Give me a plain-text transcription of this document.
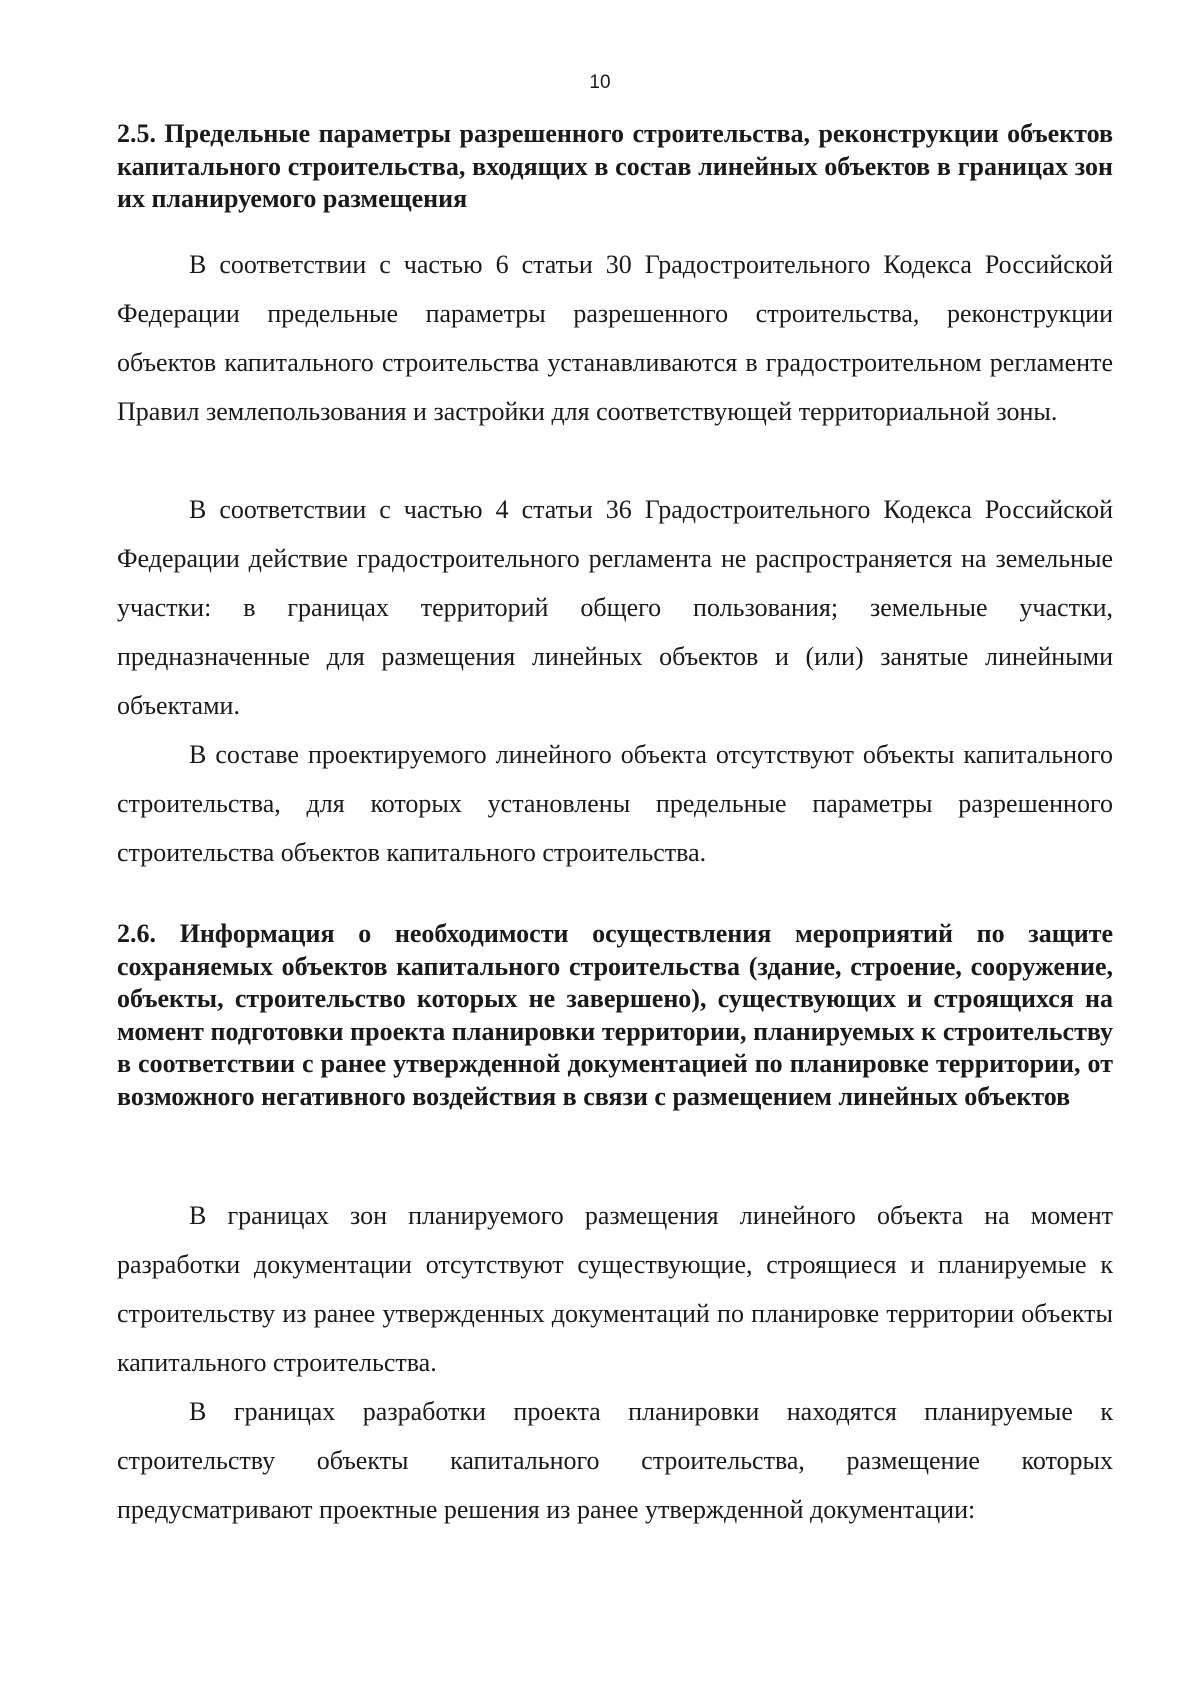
10

2.5. Предельные параметры разрешенного строительства, реконструкции объектов капитального строительства, входящих в состав линейных объектов в границах зон их планируемого размещения

В соответствии с частью 6 статьи 30 Градостроительного Кодекса Российской Федерации предельные параметры разрешенного строительства, реконструкции объектов капитального строительства устанавливаются в градостроительном регламенте Правил землепользования и застройки для соответствующей территориальной зоны.

В соответствии с частью 4 статьи 36 Градостроительного Кодекса Российской Федерации действие градостроительного регламента не распространяется на земельные участки: в границах территорий общего пользования; земельные участки, предназначенные для размещения линейных объектов и (или) занятые линейными объектами.

В составе проектируемого линейного объекта отсутствуют объекты капитального строительства, для которых установлены предельные параметры разрешенного строительства объектов капитального строительства.

2.6. Информация о необходимости осуществления мероприятий по защите сохраняемых объектов капитального строительства (здание, строение, сооружение, объекты, строительство которых не завершено), существующих и строящихся на момент подготовки проекта планировки территории, планируемых к строительству в соответствии с ранее утвержденной документацией по планировке территории, от возможного негативного воздействия в связи с размещением линейных объектов

В границах зон планируемого размещения линейного объекта на момент разработки документации отсутствуют существующие, строящиеся и планируемые к строительству из ранее утвержденных документаций по планировке территории объекты капитального строительства.

В границах разработки проекта планировки находятся планируемые к строительству объекты капитального строительства, размещение которых предусматривают проектные решения из ранее утвержденной документации:
